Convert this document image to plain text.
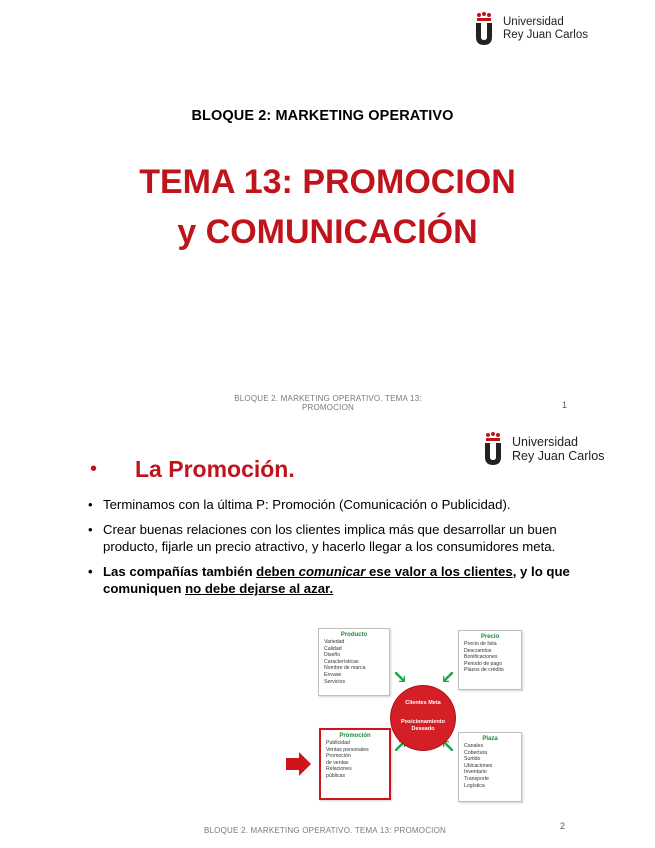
Universidad
Rey Juan Carlos
BLOQUE 2: MARKETING OPERATIVO
TEMA 13: PROMOCION
y COMUNICACIÓN
BLOQUE 2. MARKETING OPERATIVO. TEMA 13:
PROMOCION	1
Universidad
Rey Juan Carlos
• La Promoción.
• Terminamos con la última P: Promoción (Comunicación o Publicidad).
• Crear buenas relaciones con los clientes implica más que desarrollar un buen producto, fijarle un precio atractivo, y hacerlo llegar a los consumidores meta.
• Las compañías también deben comunicar ese valor a los clientes, y lo que comuniquen no debe dejarse al azar.
Producto
Variedad
Calidad
Diseño
Características
Nombre de marca
Envase
Servicios
Precio
Precio de lista
Descuentos
Bonificaciones
Periodo de pago
Plazos de crédito
Promoción
Publicidad
Ventas personales
Promoción
de ventas
Relaciones
públicas
Plaza
Canales
Cobertura
Surtido
Ubicaciones
Inventario
Transporte
Logística
Clientes Meta
Posicionamiento Deseado
BLOQUE 2. MARKETING OPERATIVO. TEMA 13: PROMOCION	2
